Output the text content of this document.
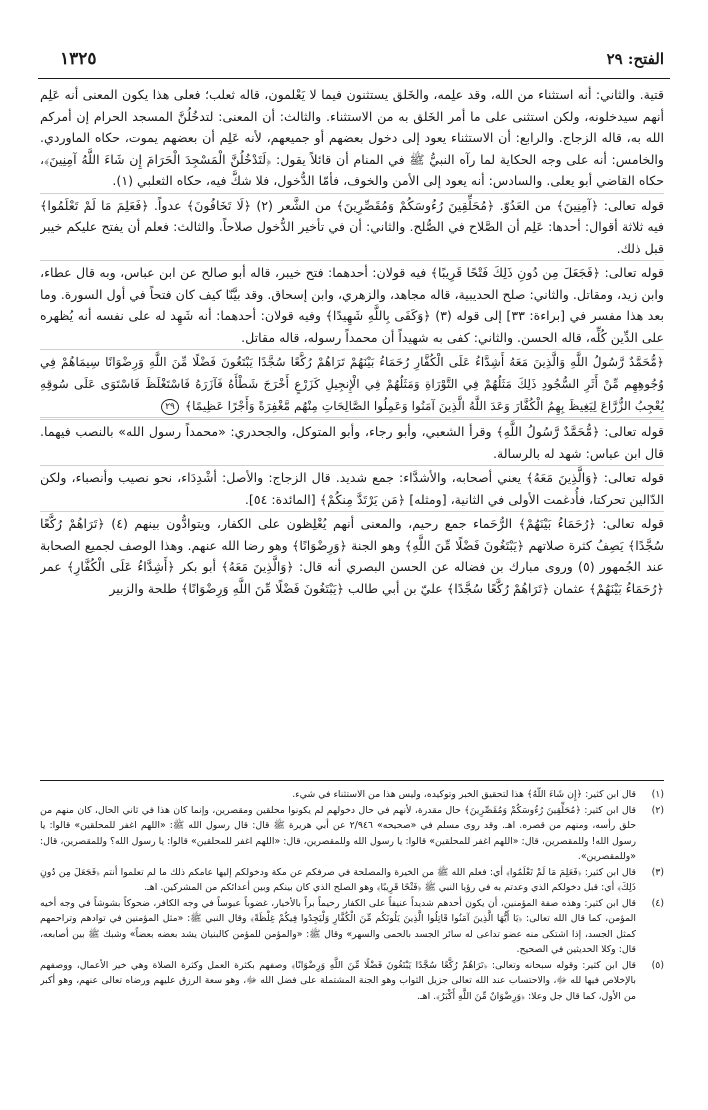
الفتح: ٢٩
١٣٢٥

قتية. والثاني: أنه استثناء من الله، وقد علِمه، والخَلق يستثنون فيما لا يَعْلمون، قاله ثعلب؛ فعلى هذا يكون المعنى أنه عَلِم أنهم سيدخلونه، ولكن استثنى على ما أمر الخَلق به من الاستثناء. والثالث: أن المعنى: لتدخُلُنَّ المسجد الحرام إن أمركم الله به، قاله الزجاج. والرابع: أن الاستثناء يعود إلى دخول بعضهم أو جميعهم، لأنه عَلِم أن بعضهم يموت، حكاه الماوردي. والخامس: أنه على وجه الحكاية لما رآه النبيُّ ﷺ في المنام أن قائلاً يقول: ﴿لَتَدْخُلُنَّ الْمَسْجِدَ الْحَرَامَ إِن شَاءَ اللَّهُ آمِنِينَ﴾، حكاه القاضي أبو يعلى. والسادس: أنه يعود إلى الأمن والخوف، فأمّا الدُّخول، فلا شكَّ فيه، حكاه الثعلبي (١).

قوله تعالى: ﴿آمِنِينَ﴾ من العَدُوّ. ﴿مُحَلِّقِينَ رُءُوسَكُمْ وَمُقَصِّرِينَ﴾ من الشَّعر (٢) ﴿لَا تَخَافُونَ﴾ عدواً. ﴿فَعَلِمَ مَا لَمْ تَعْلَمُوا﴾ فيه ثلاثة أقوال: أحدها: عَلِم أن الصَّلاح في الصُّلح. والثاني: أن في تأخير الدُّخول صلاحاً. والثالث: فعلم أن يفتح عليكم خيبر قبل ذلك.

قوله تعالى: ﴿فَجَعَلَ مِن دُونِ ذَلِكَ فَتْحًا قَرِيبًا﴾ فيه قولان: أحدهما: فتح خيبر، قاله أبو صالح عن ابن عباس، وبه قال عطاء، وابن زيد، ومقاتل. والثاني: صلح الحديبية، قاله مجاهد، والزهري، وابن إسحاق. وقد بيَّنّا كيف كان فتحاً في أول السورة. وما بعد هذا مفسر في [براءة: ٣٣] إلى قوله (٣) ﴿وَكَفَى بِاللَّهِ شَهِيدًا﴾ وفيه قولان: أحدهما: أنه شَهِد له على نفسه أنه يُظهره على الدِّين كُلِّه، قاله الحسن. والثاني: كفى به شهيداً أن محمداً رسوله، قاله مقاتل.

﴿مُّحَمَّدٌ رَّسُولُ اللَّهِ وَالَّذِينَ مَعَهُ أَشِدَّاءُ عَلَى الْكُفَّارِ رُحَمَاءُ بَيْنَهُمْ تَرَاهُمْ رُكَّعًا سُجَّدًا يَبْتَغُونَ فَضْلًا مِّنَ اللَّهِ وَرِضْوَانًا سِيمَاهُمْ فِي وُجُوهِهِم مِّنْ أَثَرِ السُّجُودِ ذَلِكَ مَثَلُهُمْ فِي التَّوْرَاةِ وَمَثَلُهُمْ فِي الْإِنجِيلِ كَزَرْعٍ أَخْرَجَ شَطْأَهُ فَآزَرَهُ فَاسْتَغْلَظَ فَاسْتَوَى عَلَى سُوقِهِ يُعْجِبُ الزُّرَّاعَ لِيَغِيظَ بِهِمُ الْكُفَّارَ وَعَدَ اللَّهُ الَّذِينَ آمَنُوا وَعَمِلُوا الصَّالِحَاتِ مِنْهُم مَّغْفِرَةً وَأَجْرًا عَظِيمًا﴾ ٢٩

قوله تعالى: ﴿مُّحَمَّدٌ رَّسُولُ اللَّهِ﴾ وقرأ الشعبي، وأبو رجاء، وأبو المتوكل، والجحدري: «محمداً رسول الله» بالنصب فيهما. قال ابن عباس: شهد له بالرسالة.

قوله تعالى: ﴿وَالَّذِينَ مَعَهُ﴾ يعني أصحابه، والأشدَّاء: جمع شديد. قال الزجاج: والأصل: أشْدِدَاء، نحو نصيب وأنصباء، ولكن الدّالين تحركتا، فأُدغمت الأولى في الثانية، [ومثله] ﴿مَن يَرْتَدَّ مِنكُمْ﴾ [المائدة: ٥٤].

قوله تعالى: ﴿رُحَمَاءُ بَيْنَهُمْ﴾ الرُّحَماء جمع رحيم، والمعنى أنهم يُغْلِظون على الكفار، ويتوادُّون بينهم (٤) ﴿تَرَاهُمْ رُكَّعًا سُجَّدًا﴾ يَصِفُ كثرة صلاتهم ﴿يَبْتَغُونَ فَضْلًا مِّنَ اللَّهِ﴾ وهو الجنة ﴿وَرِضْوَانًا﴾ وهو رضا الله عنهم. وهذا الوصف لجميع الصحابة عند الجُمهور (٥) وروى مبارك بن فضاله عن الحسن البصري أنه قال: ﴿وَالَّذِينَ مَعَهُ﴾ أبو بكر ﴿أَشِدَّاءُ عَلَى الْكُفَّارِ﴾ عمر ﴿رُحَمَاءُ بَيْنَهُمْ﴾ عثمان ﴿تَرَاهُمْ رُكَّعًا سُجَّدًا﴾ عليّ بن أبي طالب ﴿يَبْتَغُونَ فَضْلًا مِّنَ اللَّهِ وَرِضْوَانًا﴾ طلحة والزبير

(١)
قال ابن كثير: ﴿إِن شَاءَ اللَّهُ﴾ هذا لتحقيق الخبر وتوكيده، وليس هذا من الاستثناء في شيء.
(٢)
قال ابن كثير: ﴿مُحَلِّقِينَ رُءُوسَكُمْ وَمُقَصِّرِينَ﴾ حال مقدرة، لأنهم في حال دخولهم لم يكونوا محلقين ومقصرين، وإنما كان هذا في ثاني الحال، كان منهم من حلق رأسه، ومنهم من قصره. اهـ. وقد روى مسلم في «صحيحه» ٢/٩٤٦ عن أبي هريرة ﷺ قال: قال رسول الله ﷺ: «اللهم اغفر للمحلقين» قالوا: يا رسول الله! وللمقصرين، قال: «اللهم اغفر للمحلقين» قالوا: يا رسول الله وللمقصرين، قال: «اللهم اغفر للمحلقين» قالوا: يا رسول الله؟ وللمقصرين، قال: «وللمقصرين».
(٣)
قال ابن كثير: ﴿فَعَلِمَ مَا لَمْ تَعْلَمُوا﴾ أي: فعلم الله ﷺ من الخيرة والمصلحة في صرفكم عن مكة ودخولكم إليها عامكم ذلك ما لم تعلموا أنتم ﴿فَجَعَلَ مِن دُونِ ذَلِكَ﴾ أي: قبل دخولكم الذي وعدتم به في رؤيا النبي ﷺ ﴿فَتْحًا قَرِيبًا﴾ وهو الصلح الذي كان بينكم وبين أعدائكم من المشركين. اهـ.
(٤)
قال ابن كثير: وهذه صفة المؤمنين، أن يكون أحدهم شديداً عنيفاً على الكفار رحيماً براً بالأخيار، غضوباً عبوساً في وجه الكافر، ضحوكاً بشوشاً في وجه أخيه المؤمن، كما قال الله تعالى: ﴿يَا أَيُّهَا الَّذِينَ آمَنُوا قَاتِلُوا الَّذِينَ يَلُونَكُم مِّنَ الْكُفَّارِ وَلْيَجِدُوا فِيكُمْ غِلْظَةً﴾ وقال النبي ﷺ: «مثل المؤمنين في توادهم وتراحمهم كمثل الجسد، إذا اشتكى منه عضو تداعى له سائر الجسد بالحمى والسهر» وقال ﷺ: «والمؤمن للمؤمن كالبنيان يشد بعضه بعضاً» وشبك ﷺ بين أصابعه، قال: وكلا الحديثين في الصحيح.
(٥)
قال ابن كثير: وقوله سبحانه وتعالى: ﴿تَرَاهُمْ رُكَّعًا سُجَّدًا يَبْتَغُونَ فَضْلًا مِّنَ اللَّهِ وَرِضْوَانًا﴾ وصفهم بكثرة العمل وكثرة الصلاة وهي خير الأعمال، ووصفهم بالإخلاص فيها لله ﷻ، والاحتساب عند الله تعالى جزيل الثواب وهو الجنة المشتملة على فضل الله ﷻ، وهو سعة الرزق عليهم ورضاه تعالى عنهم، وهو أكبر من الأول، كما قال جل وعلا: ﴿وَرِضْوَانٌ مِّنَ اللَّهِ أَكْبَرُ﴾. اهـ.
